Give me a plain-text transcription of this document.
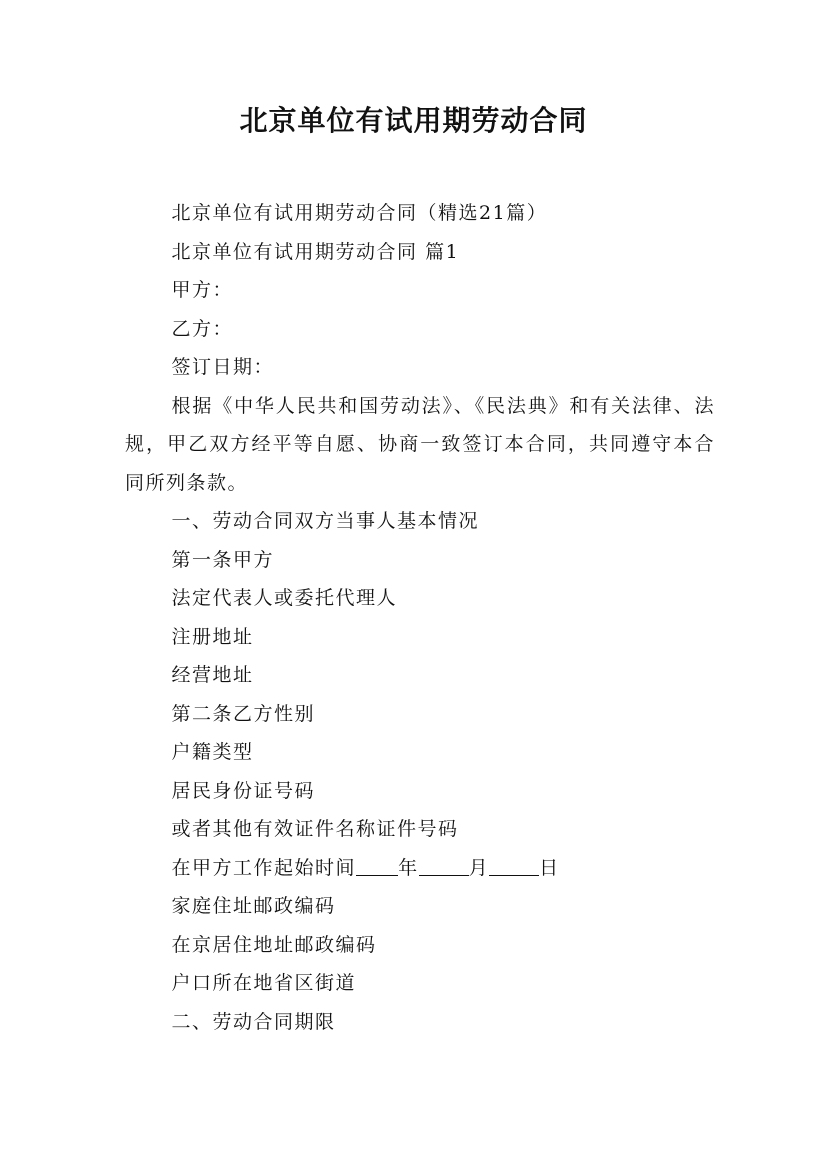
北京单位有试用期劳动合同

北京单位有试用期劳动合同（精选21篇）

北京单位有试用期劳动合同 篇1

甲方：

乙方：

签订日期：

根据《中华人民共和国劳动法》、《民法典》和有关法律、法规，甲乙双方经平等自愿、协商一致签订本合同，共同遵守本合同所列条款。

一、劳动合同双方当事人基本情况

第一条甲方

法定代表人或委托代理人

注册地址

经营地址

第二条乙方性别

户籍类型

居民身份证号码

或者其他有效证件名称证件号码

在甲方工作起始时间 年	月	日

家庭住址邮政编码

在京居住地址邮政编码

户口所在地省区街道

二、劳动合同期限
